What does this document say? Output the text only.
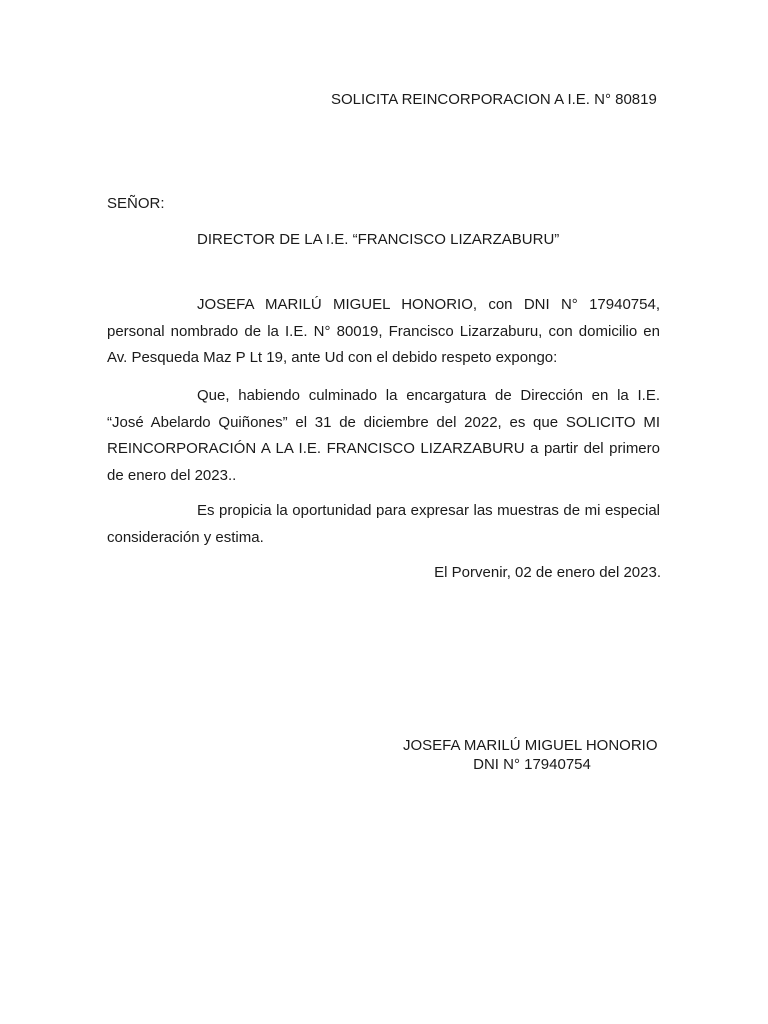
SOLICITA REINCORPORACION A I.E. N° 80819
SEÑOR:
DIRECTOR DE LA I.E. “FRANCISCO LIZARZABURU”
JOSEFA MARILÚ MIGUEL HONORIO, con DNI N° 17940754,
personal nombrado de la I.E. N° 80019, Francisco Lizarzaburu, con domicilio en
Av. Pesqueda Maz P Lt 19, ante Ud con el debido respeto expongo:
Que, habiendo culminado la encargatura de Dirección en la I.E.
“José Abelardo Quiñones” el 31 de diciembre del 2022, es que SOLICITO MI
REINCORPORACIÓN A LA I.E. FRANCISCO LIZARZABURU a partir del primero
de enero del 2023..
Es propicia la oportunidad para expresar las muestras de mi especial
consideración y estima.
El Porvenir, 02 de enero del 2023.
JOSEFA MARILÚ MIGUEL HONORIO
DNI N° 17940754
